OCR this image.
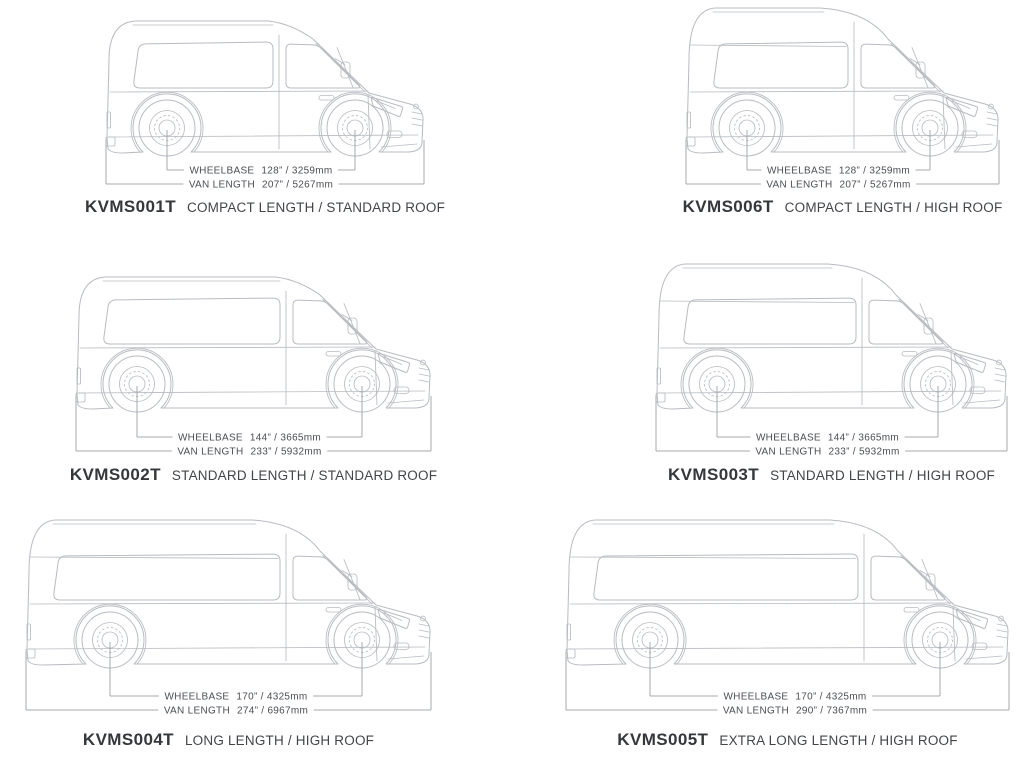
WHEELBASE 128” / 3259mm
VAN LENGTH 207” / 5267mm
KVMS001T COMPACT LENGTH / STANDARD ROOF
WHEELBASE 128” / 3259mm
VAN LENGTH 207” / 5267mm
KVMS006T COMPACT LENGTH / HIGH ROOF
WHEELBASE 144” / 3665mm
VAN LENGTH 233” / 5932mm
KVMS002T STANDARD LENGTH / STANDARD ROOF
WHEELBASE 144” / 3665mm
VAN LENGTH 233” / 5932mm
KVMS003T STANDARD LENGTH / HIGH ROOF
WHEELBASE 170” / 4325mm
VAN LENGTH 274” / 6967mm
KVMS004T LONG LENGTH / HIGH ROOF
WHEELBASE 170” / 4325mm
VAN LENGTH 290” / 7367mm
KVMS005T EXTRA LONG LENGTH / HIGH ROOF
